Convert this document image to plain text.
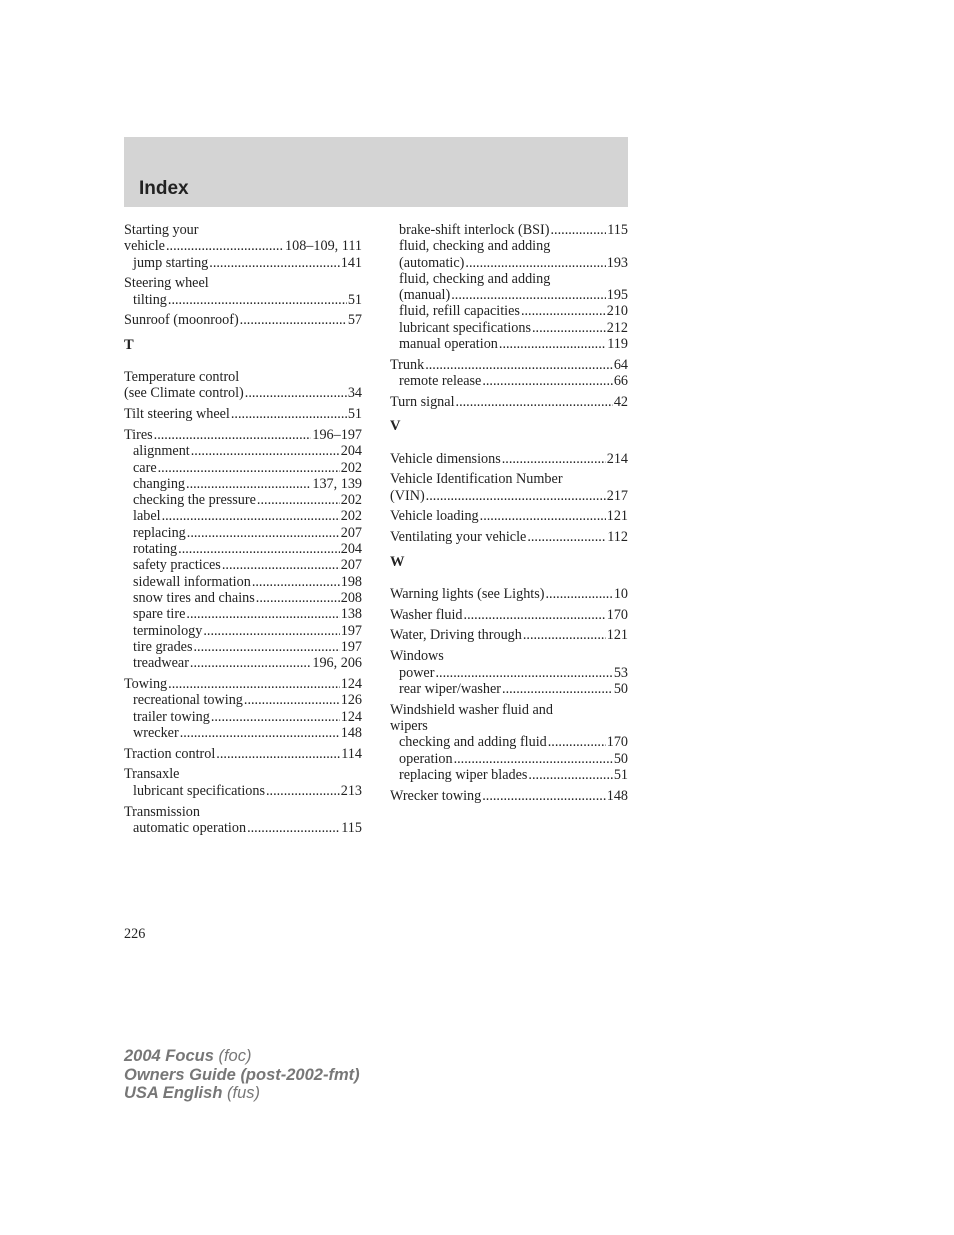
Index
Starting your
vehicle .....	108–109, 111
jump starting .....	141
Steering wheel
tilting .....	51
Sunroof (moonroof) .....	57
T
Temperature control
(see Climate control) .....	34
Tilt steering wheel .....	51
Tires .....	196–197
alignment .....	204
care .....	202
changing .....	137, 139
checking the pressure .....	202
label .....	202
replacing .....	207
rotating .....	204
safety practices .....	207
sidewall information .....	198
snow tires and chains .....	208
spare tire .....	138
terminology .....	197
tire grades .....	197
treadwear .....	196, 206
Towing .....	124
recreational towing .....	126
trailer towing .....	124
wrecker .....	148
Traction control .....	114
Transaxle
lubricant specifications .....	213
Transmission
automatic operation .....	115
brake-shift interlock (BSI) .....	115
fluid, checking and adding
(automatic) .....	193
fluid, checking and adding
(manual) .....	195
fluid, refill capacities .....	210
lubricant specifications .....	212
manual operation .....	119
Trunk .....	64
remote release .....	66
Turn signal .....	42
V
Vehicle dimensions .....	214
Vehicle Identification Number
(VIN) .....	217
Vehicle loading .....	121
Ventilating your vehicle .....	112
W
Warning lights (see Lights) .....	10
Washer fluid .....	170
Water, Driving through .....	121
Windows
power .....	53
rear wiper/washer .....	50
Windshield washer fluid and
wipers
checking and adding fluid .....	170
operation .....	50
replacing wiper blades .....	51
Wrecker towing .....	148
226
2004 Focus (foc)
Owners Guide (post-2002-fmt)
USA English (fus)
